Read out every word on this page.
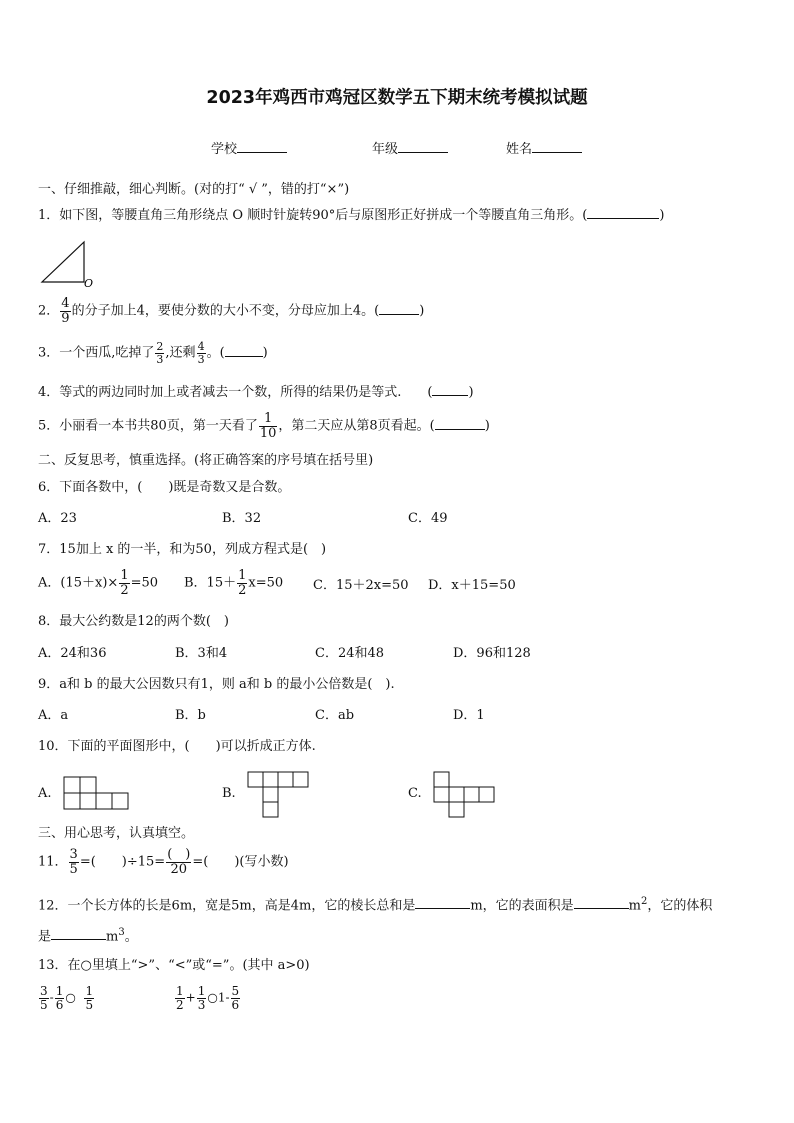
2023年鸡西市鸡冠区数学五下期末统考模拟试题
学校	年级	姓名
一、仔细推敲，细心判断。(对的打“ √ ”，错的打“×”)
1．如下图，等腰直角三角形绕点 O 顺时针旋转90°后与原图形正好拼成一个等腰直角三角形。(	)
O
2． $\frac{4}{9}$ 的分子加上4，要使分数的大小不变，分母应加上4。(	)
3．一个西瓜,吃掉了 $\frac{2}{3}$ ,还剩 $\frac{4}{3}$ 。(	)
4．等式的两边同时加上或者减去一个数，所得的结果仍是等式.　　(	)
5．小丽看一本书共80页，第一天看了 $\frac{1}{10}$ ，第二天应从第8页看起。(	)
二、反复思考，慎重选择。(将正确答案的序号填在括号里)
6．下面各数中，(　　)既是奇数又是合数。
A．23	B．32	C．49
7．15加上 x 的一半，和为50，列成方程式是(　)
A．$(15+x)\times \frac{1}{2} =50$ B．$15+ \frac{1}{2} x=50$ C．15＋2x=50 D．x＋15=50
8．最大公约数是12的两个数(　)
A．24和36	B．3和4	C．24和48	D．96和128
9．a和 b 的最大公因数只有1，则 a和 b 的最小公倍数是(　).
A．a	B．b	C．ab	D．1
10．下面的平面图形中，(　　)可以折成正方体.
A.	B.	C.
三、用心思考，认真填空。
11． $\frac{3}{5}$ =(　　)$\div 15= \frac{( )}{20}$ =(　　)(写小数)
12．一个长方体的长是6m，宽是5m，高是4m，它的棱长总和是	m，它的表面积是	$m^2$，它的体积
是	$m^3$。
13．在○里填上“>”、“<”或“=”。(其中 a>0)
$\frac{3}{5} - \frac{1}{6}$ ○ $\frac{1}{5}$	$\frac{1}{2} + \frac{1}{3}$ ○1- $\frac{5}{6}$
